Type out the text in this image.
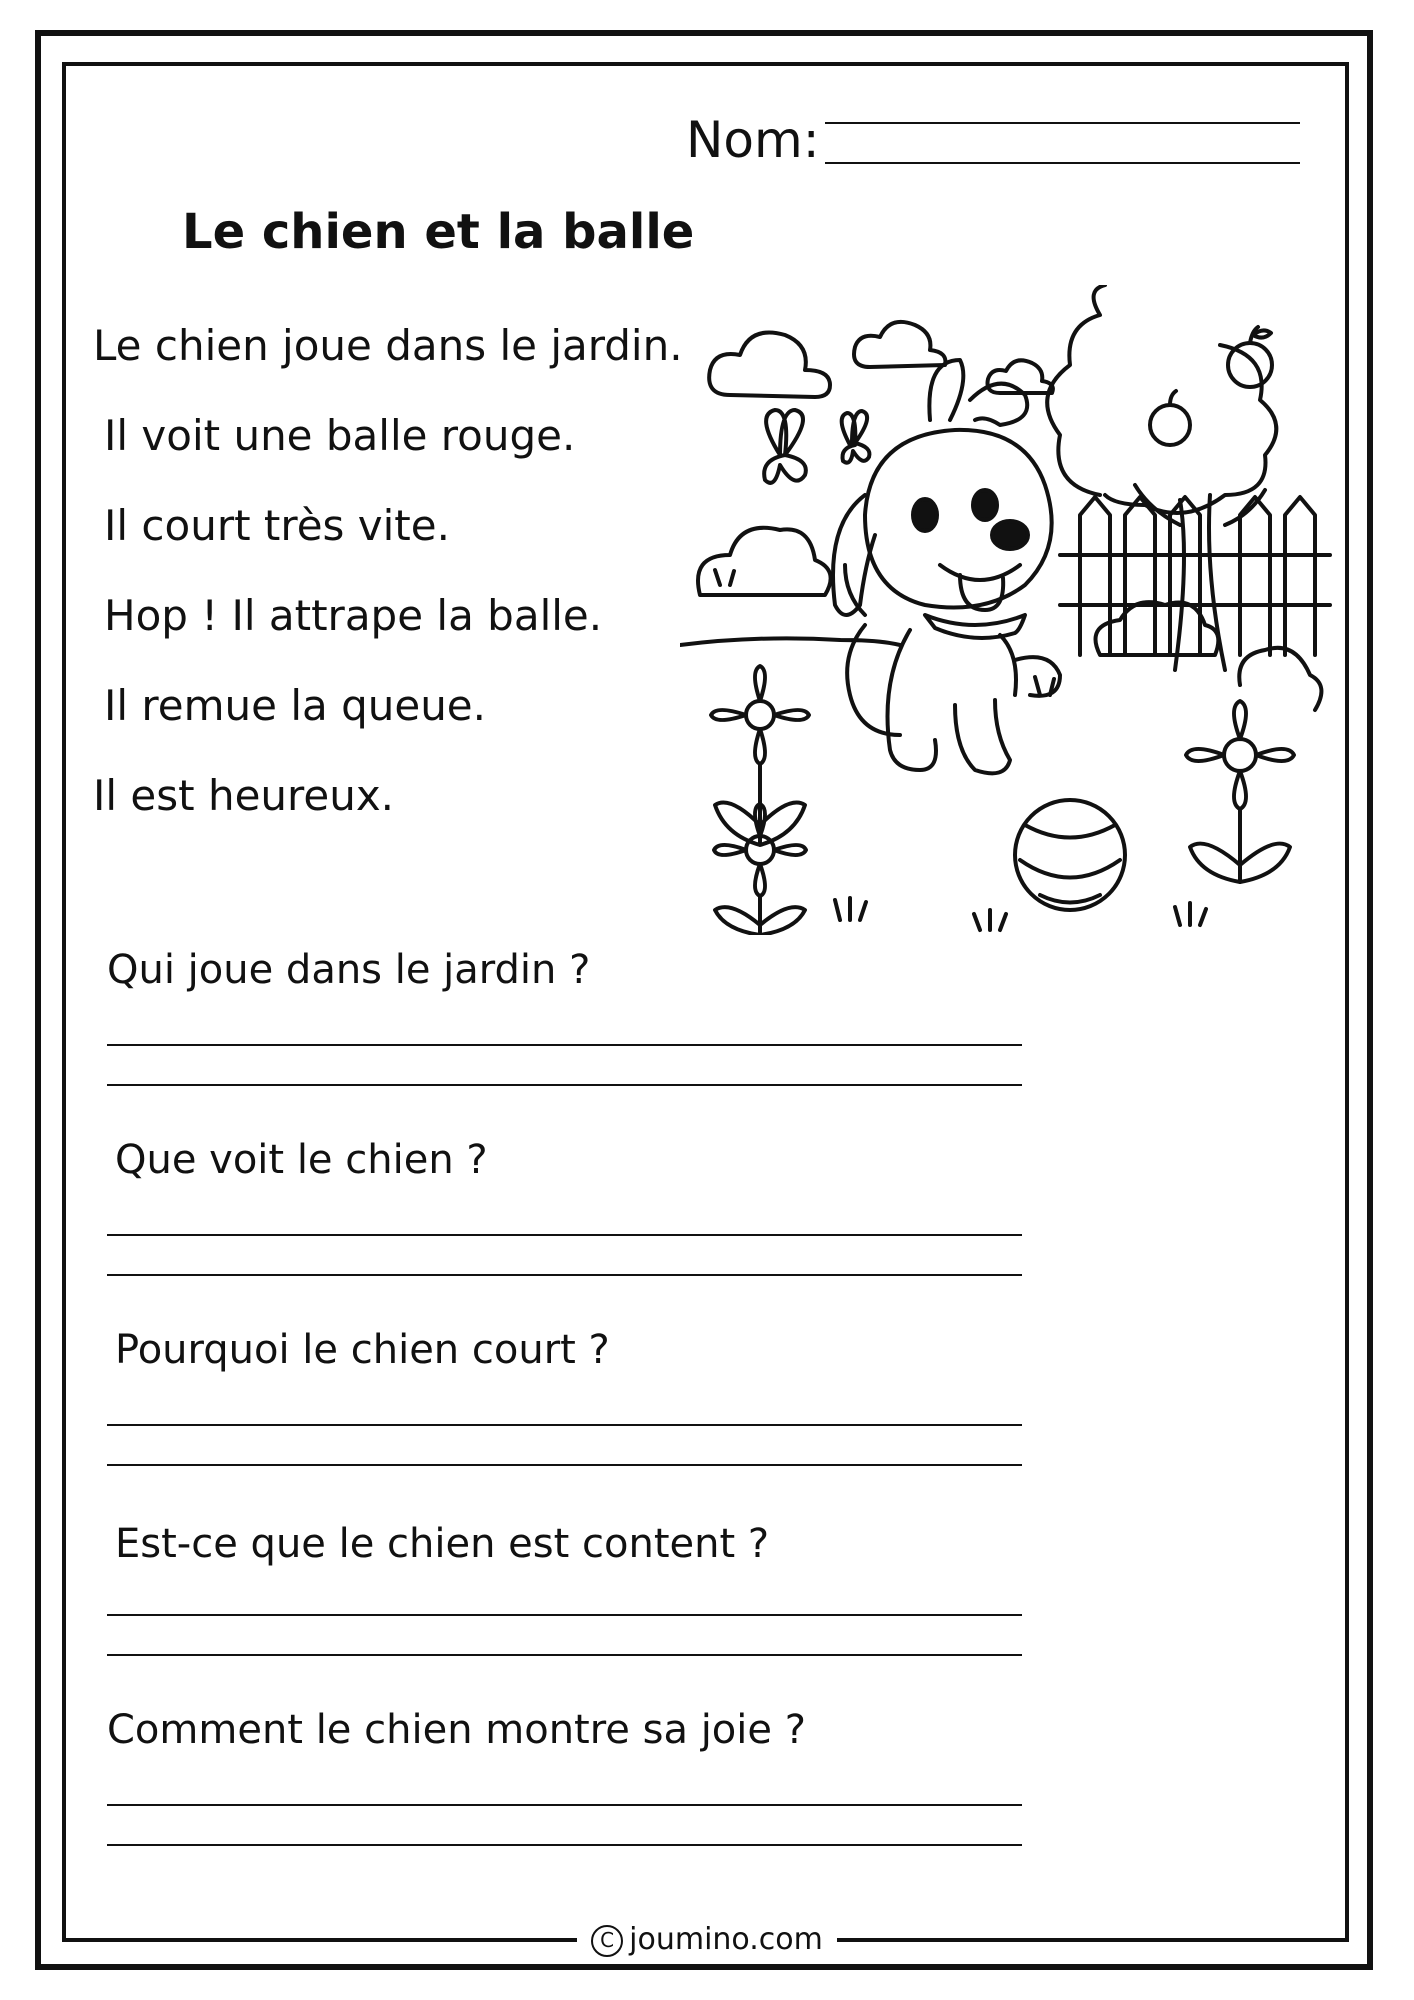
Nom:
Le chien et la balle
Le chien joue dans le jardin.
Il voit une balle rouge.
Il court très vite.
Hop ! Il attrape la balle.
Il remue la queue.
Il est heureux.
Qui joue dans le jardin ?
Que voit le chien ?
Pourquoi le chien court ?
Est-ce que le chien est content ?
Comment le chien montre sa joie ?
C joumino.com
